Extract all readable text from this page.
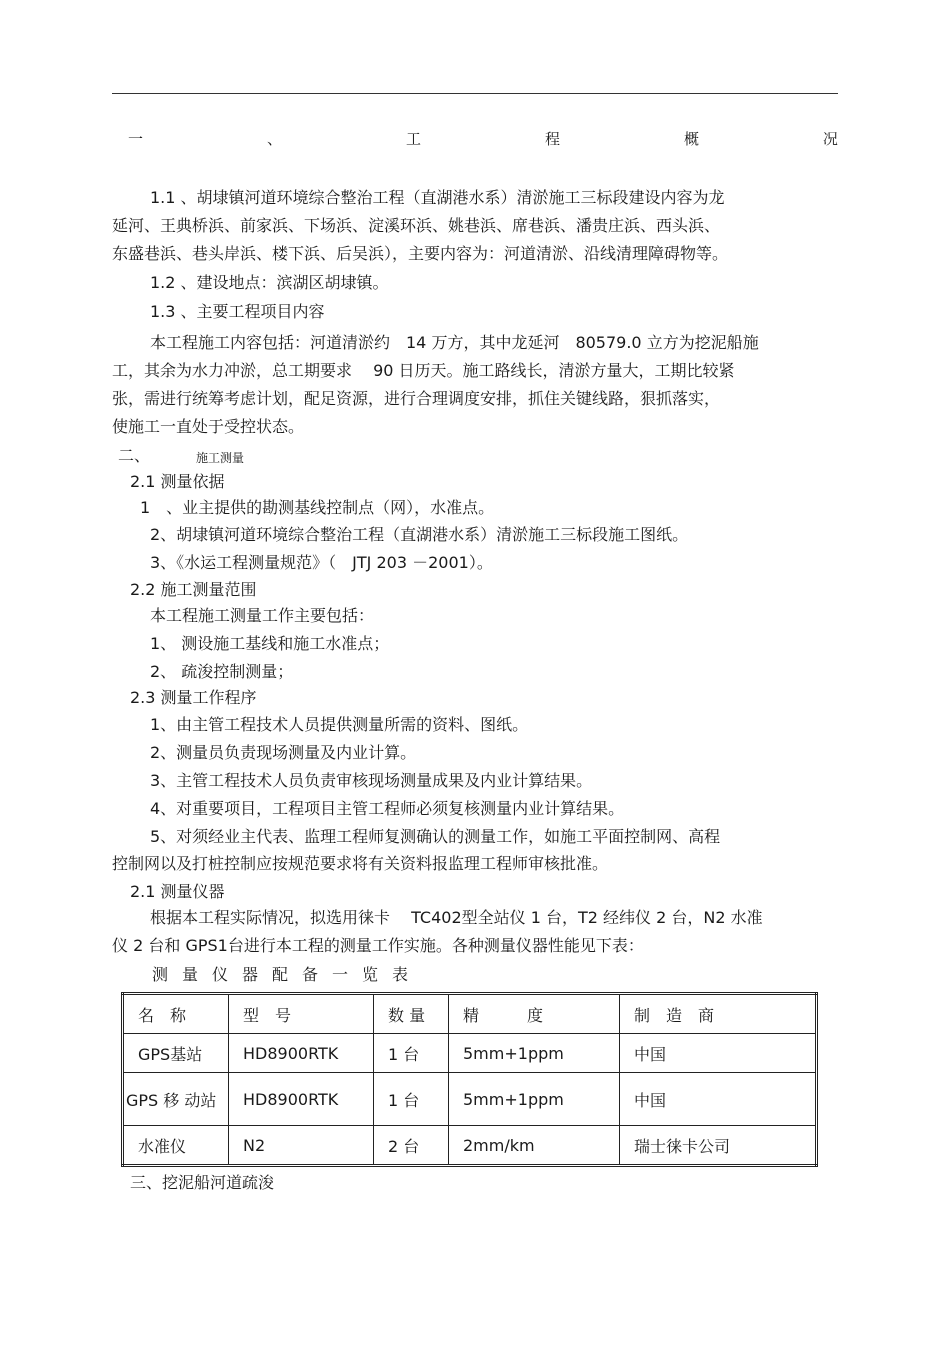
一	、	工	程	概	况
1.1 、胡埭镇河道环境综合整治工程（直湖港水系）清淤施工三标段建设内容为龙
延河、王典桥浜、前家浜、下场浜、淀溪环浜、姚巷浜、席巷浜、潘贵庄浜、西头浜、
东盛巷浜、巷头岸浜、楼下浜、后吴浜），主要内容为：河道清淤、沿线清理障碍物等。
1.2 、建设地点：滨湖区胡埭镇。
1.3 、主要工程项目内容
本工程施工内容包括：河道清淤约　14 万方，其中龙延河　80579.0 立方为挖泥船施
工，其余为水力冲淤，总工期要求　 90 日历天。施工路线长，清淤方量大，工期比较紧
张，需进行统筹考虑计划，配足资源，进行合理调度安排，抓住关键线路，狠抓落实，
使施工一直处于受控状态。
二、	施工测量
2.1 测量依据
1　、业主提供的勘测基线控制点（网），水准点。
2、胡埭镇河道环境综合整治工程（直湖港水系）清淤施工三标段施工图纸。
3、《水运工程测量规范》（　JTJ 203 －2001）。
2.2 施工测量范围
本工程施工测量工作主要包括：
1、 测设施工基线和施工水准点；
2、 疏浚控制测量；
2.3 测量工作程序
1、由主管工程技术人员提供测量所需的资料、图纸。
2、测量员负责现场测量及内业计算。
3、主管工程技术人员负责审核现场测量成果及内业计算结果。
4、对重要项目，工程项目主管工程师必须复核测量内业计算结果。
5、对须经业主代表、监理工程师复测确认的测量工作，如施工平面控制网、高程
控制网以及打桩控制应按规范要求将有关资料报监理工程师审核批准。
2.1 测量仪器
根据本工程实际情况，拟选用徕卡　 TC402型全站仪 1 台，T2 经纬仪 2 台，N2 水准
仪 2 台和 GPS1台进行本工程的测量工作实施。各种测量仪器性能见下表：
测量仪器配备一览表
名　称	型　号	数 量	精　　　度	制　造　商
GPS基站	HD8900RTK	1 台	5mm+1ppm	中国
GPS 移 动站	HD8900RTK	1 台	5mm+1ppm	中国
水准仪	N2	2 台	2mm/km	瑞士徕卡公司
三、挖泥船河道疏浚
